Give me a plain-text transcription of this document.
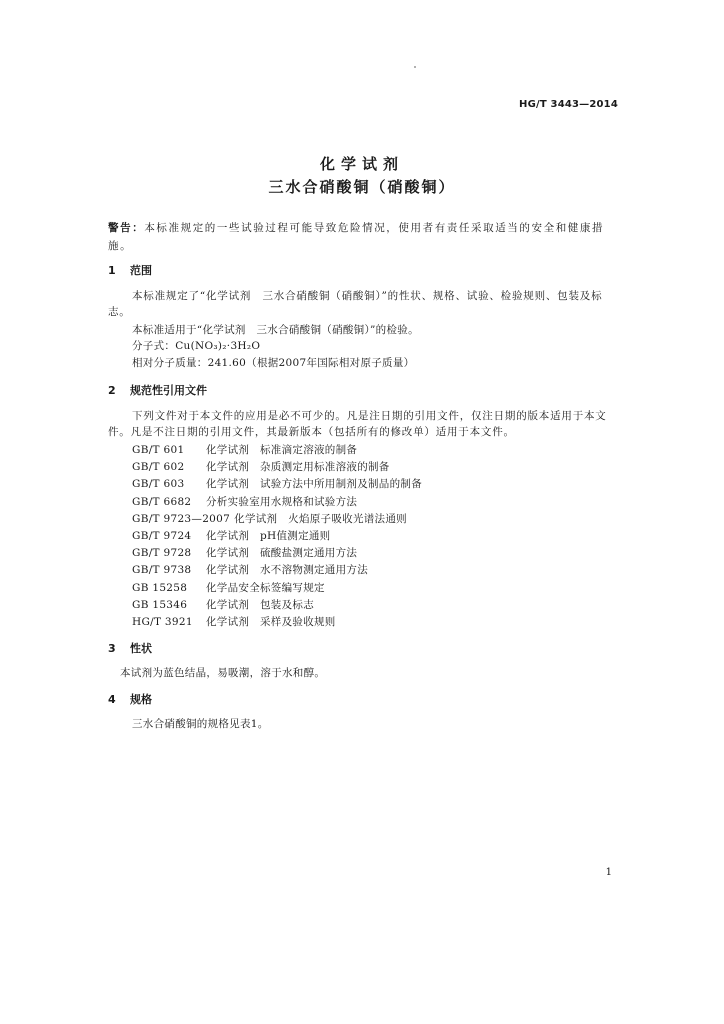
HG/T 3443—2014
化学试剂
三水合硝酸铜（硝酸铜）
警告：本标准规定的一些试验过程可能导致危险情况，使用者有责任采取适当的安全和健康措施。
1 范围
本标准规定了“化学试剂　三水合硝酸铜（硝酸铜）”的性状、规格、试验、检验规则、包装及标志。
本标准适用于“化学试剂　三水合硝酸铜（硝酸铜）”的检验。
分子式：Cu(NO₃)₂·3H₂O
相对分子质量：241.60（根据2007年国际相对原子质量）
2 规范性引用文件
下列文件对于本文件的应用是必不可少的。凡是注日期的引用文件，仅注日期的版本适用于本文件。凡是不注日期的引用文件，其最新版本（包括所有的修改单）适用于本文件。
GB/T 601 化学试剂　标准滴定溶液的制备
GB/T 602 化学试剂　杂质测定用标准溶液的制备
GB/T 603 化学试剂　试验方法中所用制剂及制品的制备
GB/T 6682 分析实验室用水规格和试验方法
GB/T 9723—2007 化学试剂　火焰原子吸收光谱法通则
GB/T 9724 化学试剂　pH值测定通则
GB/T 9728 化学试剂　硫酸盐测定通用方法
GB/T 9738 化学试剂　水不溶物测定通用方法
GB 15258 化学品安全标签编写规定
GB 15346 化学试剂　包装及标志
HG/T 3921 化学试剂　采样及验收规则
3 性状
本试剂为蓝色结晶，易吸潮，溶于水和醇。
4 规格
三水合硝酸铜的规格见表1。
1
